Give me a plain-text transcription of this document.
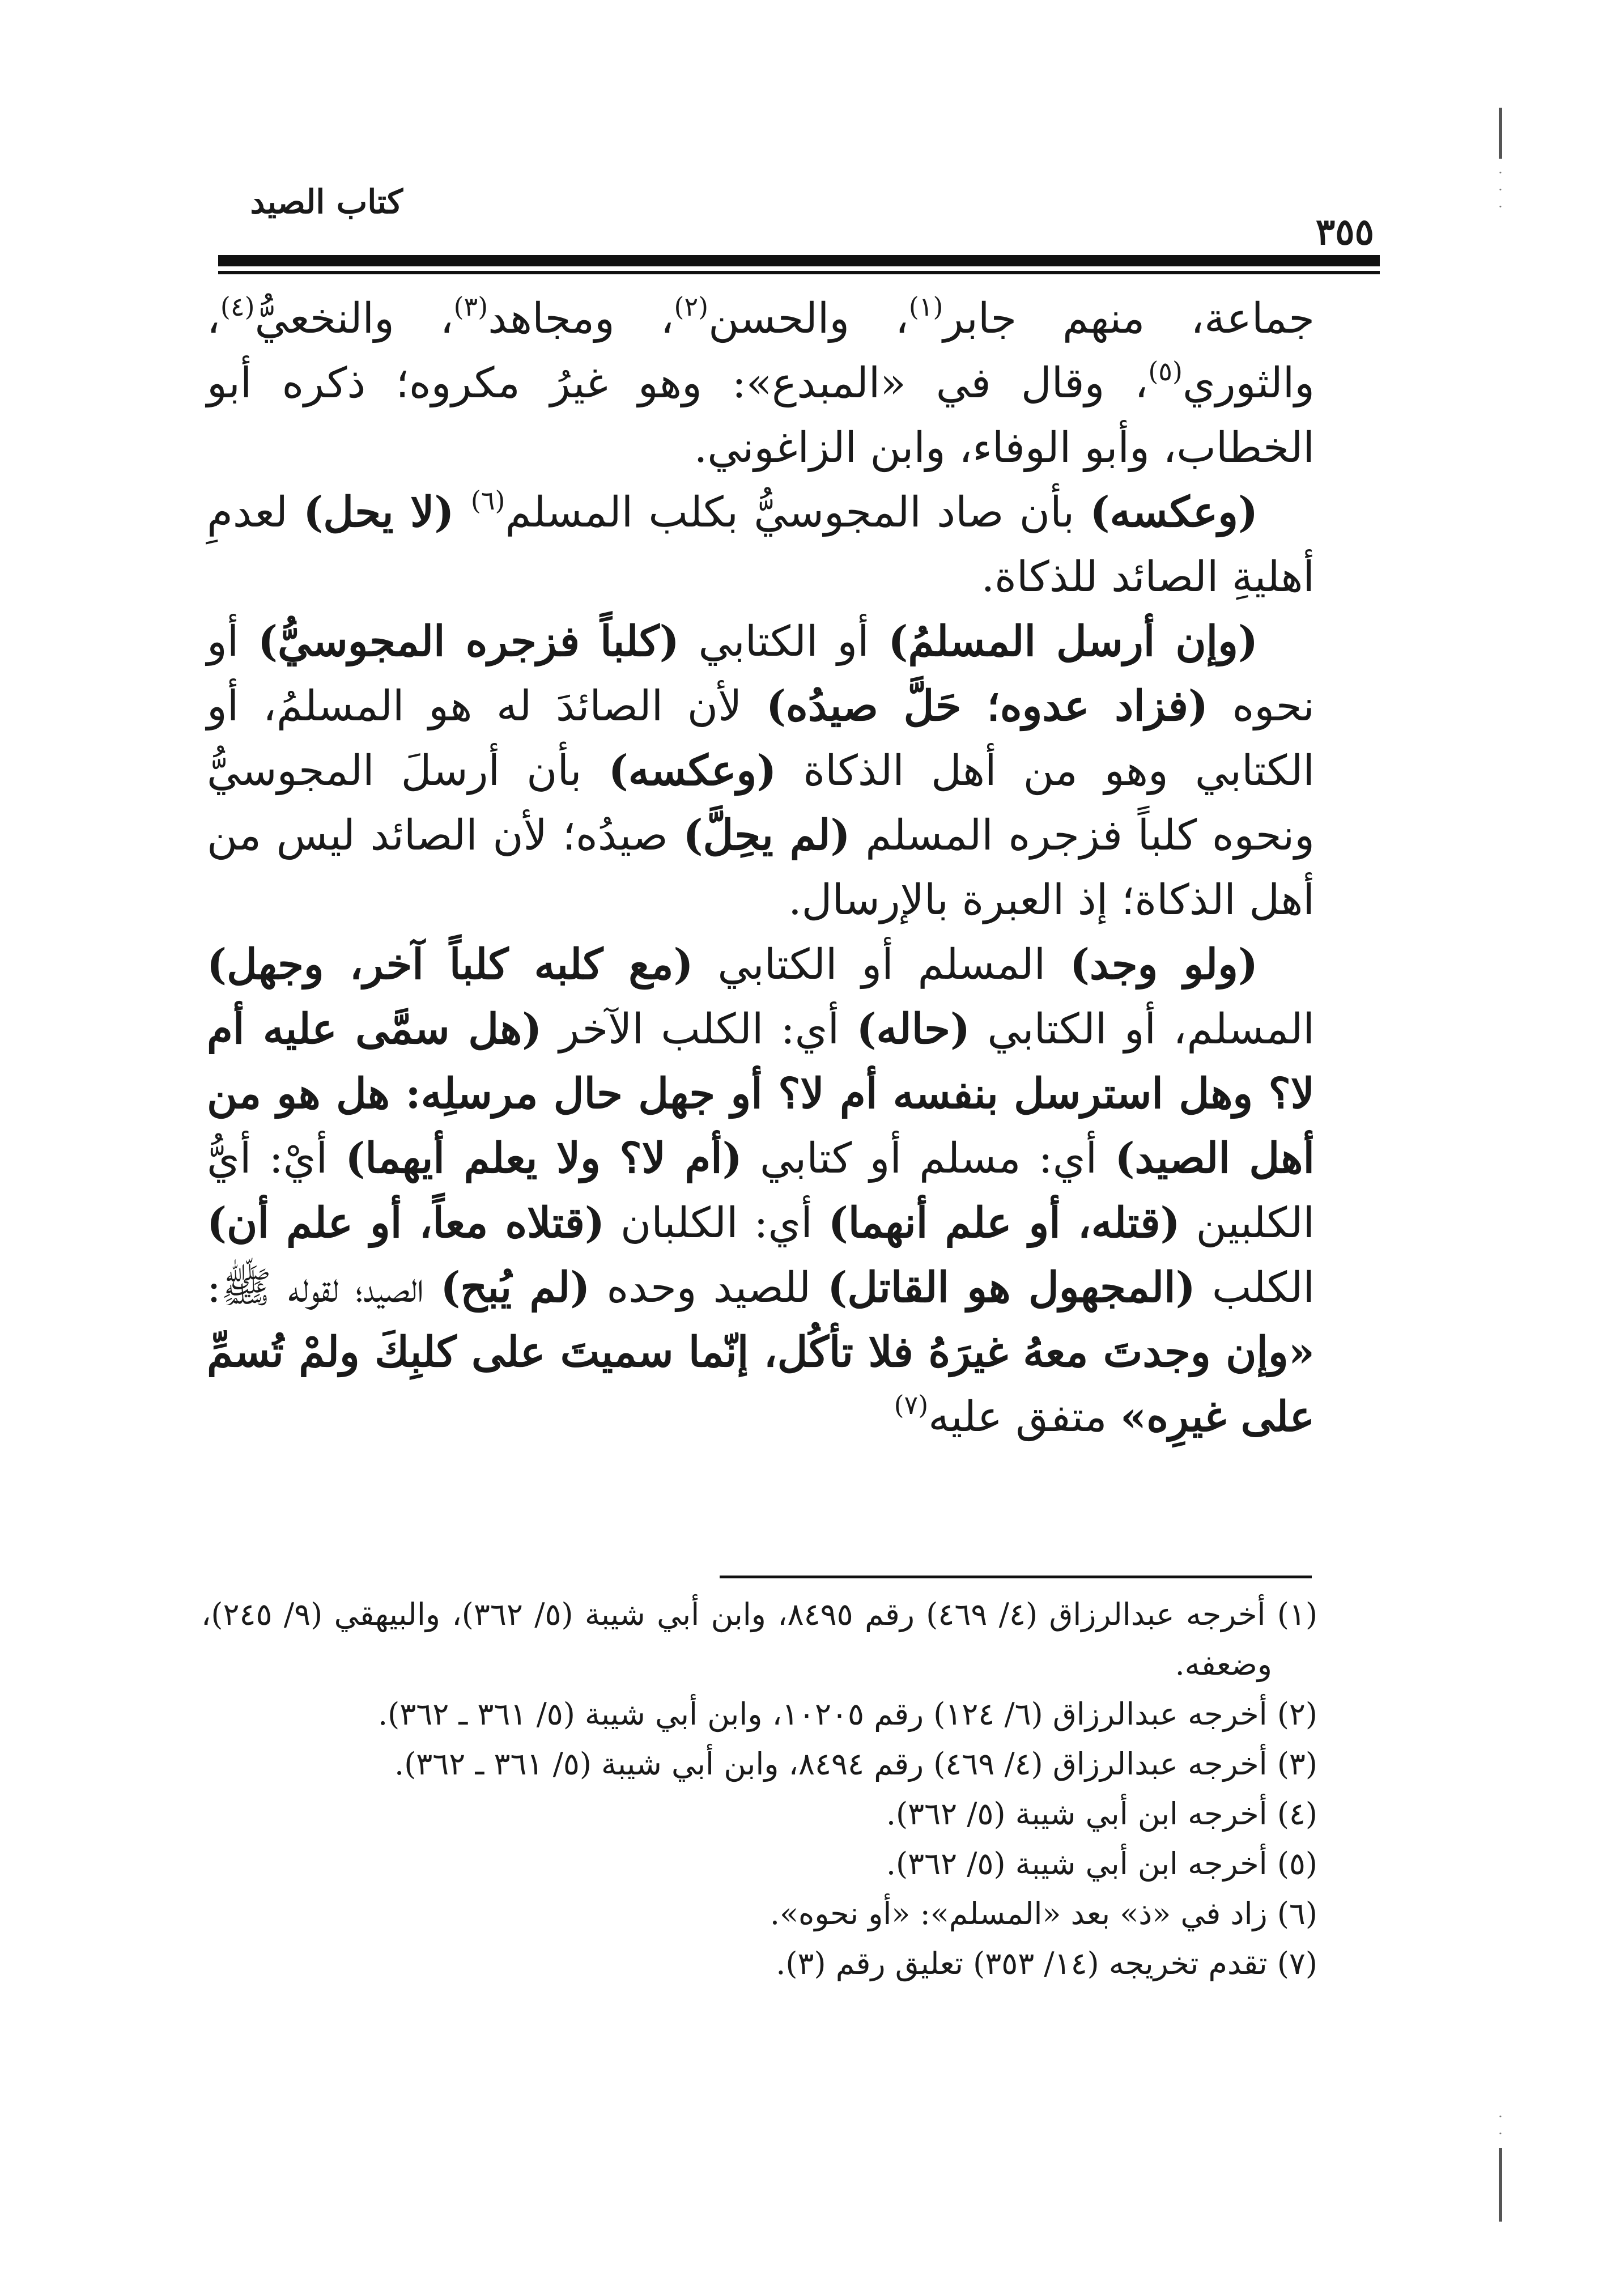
·
·
·
كتاب الصيد
٣٥٥

جماعة، منهم جابر$^{(١)}$، والحسن$^{(٢)}$، ومجاهد$^{(٣)}$، والنخعيُّ$^{(٤)}$، والثوري$^{(٥)}$، وقال في «المبدع»: وهو غيرُ مكروه؛ ذكره أبو الخطاب، وأبو الوفاء، وابن الزاغوني.

(وعكسه) بأن صاد المجوسيُّ بكلب المسلم$^{(٦)}$ (لا يحل) لعدمِ أهليةِ الصائد للذكاة.

(وإن أرسل المسلمُ) أو الكتابي (كلباً فزجره المجوسيُّ) أو نحوه (فزاد عدوه؛ حَلَّ صيدُه) لأن الصائدَ له هو المسلمُ، أو الكتابي وهو من أهل الذكاة (وعكسه) بأن أرسلَ المجوسيُّ ونحوه كلباً فزجره المسلم (لم يحِلَّ) صيدُه؛ لأن الصائد ليس من أهل الذكاة؛ إذ العبرة بالإرسال.

(ولو وجد) المسلم أو الكتابي (مع كلبه كلباً آخر، وجهل) المسلم، أو الكتابي (حاله) أي: الكلب الآخر (هل سمَّى عليه أم لا؟ وهل استرسل بنفسه أم لا؟ أو جهل حال مرسلِه: هل هو من أهل الصيد) أي: مسلم أو كتابي (أم لا؟ ولا يعلم أيهما) أيْ: أيُّ الكلبين (قتله، أو علم أنهما) أي: الكلبان (قتلاه معاً، أو علم أن) الكلب (المجهول هو القاتل) للصيد وحده (لم يُبح) الصيد؛ لقوله ﷺ: «وإن وجدتَ معهُ غيرَهُ فلا تأكُل، إنّما سميتَ على كلبِكَ ولمْ تُسمِّ على غيرِه» متفق عليه$^{(٧)}$

(١) أخرجه عبدالرزاق (٤/ ٤٦٩) رقم ٨٤٩٥، وابن أبي شيبة (٥/ ٣٦٢)، والبيهقي (٩/ ٢٤٥)، وضعفه.

(٢) أخرجه عبدالرزاق (٦/ ١٢٤) رقم ١٠٢٠٥، وابن أبي شيبة (٥/ ٣٦١ ـ ٣٦٢).

(٣) أخرجه عبدالرزاق (٤/ ٤٦٩) رقم ٨٤٩٤، وابن أبي شيبة (٥/ ٣٦١ ـ ٣٦٢).

(٤) أخرجه ابن أبي شيبة (٥/ ٣٦٢).

(٥) أخرجه ابن أبي شيبة (٥/ ٣٦٢).

(٦) زاد في «ذ» بعد «المسلم»: «أو نحوه».

(٧) تقدم تخريجه (١٤/ ٣٥٣) تعليق رقم (٣).

·
·
